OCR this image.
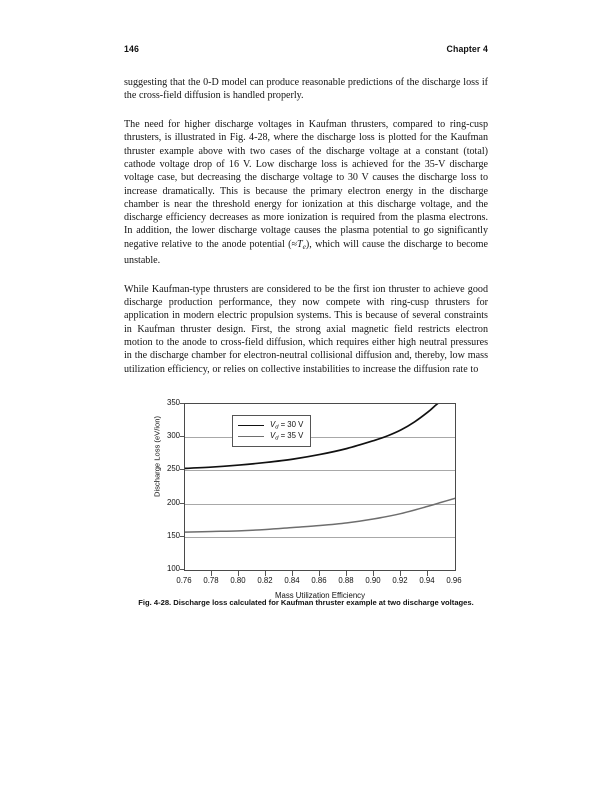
146	Chapter 4

suggesting that the 0-D model can produce reasonable predictions of the discharge loss if the cross-field diffusion is handled properly.

The need for higher discharge voltages in Kaufman thrusters, compared to ring-cusp thrusters, is illustrated in Fig. 4-28, where the discharge loss is plotted for the Kaufman thruster example above with two cases of the discharge voltage at a constant (total) cathode voltage drop of 16 V. Low discharge loss is achieved for the 35-V discharge voltage case, but decreasing the discharge voltage to 30 V causes the discharge loss to increase dramatically. This is because the primary electron energy in the discharge chamber is near the threshold energy for ionization at this discharge voltage, and the discharge efficiency decreases as more ionization is required from the plasma electrons. In addition, the lower discharge voltage causes the plasma potential to go significantly negative relative to the anode potential $(\approx T_e)$, which will cause the discharge to become unstable.

While Kaufman-type thrusters are considered to be the first ion thruster to achieve good discharge production performance, they now compete with ring-cusp thrusters for application in modern electric propulsion systems. This is because of several constraints in Kaufman thruster design. First, the strong axial magnetic field restricts electron motion to the anode to cross-field diffusion, which requires either high neutral pressures in the discharge chamber for electron-neutral collisional diffusion and, thereby, low mass utilization efficiency, or relies on collective instabilities to increase the diffusion rate to

Discharge Loss (eV/ion)
100
150
200
250
300
350
0.76	0.78	0.80	0.82	0.84	0.86	0.88	0.90	0.92	0.94	0.96
Mass Utilization Efficiency
$V_d = 30$ V
$V_d = 35$ V
Fig. 4-28. Discharge loss calculated for Kaufman thruster example at two discharge voltages.
